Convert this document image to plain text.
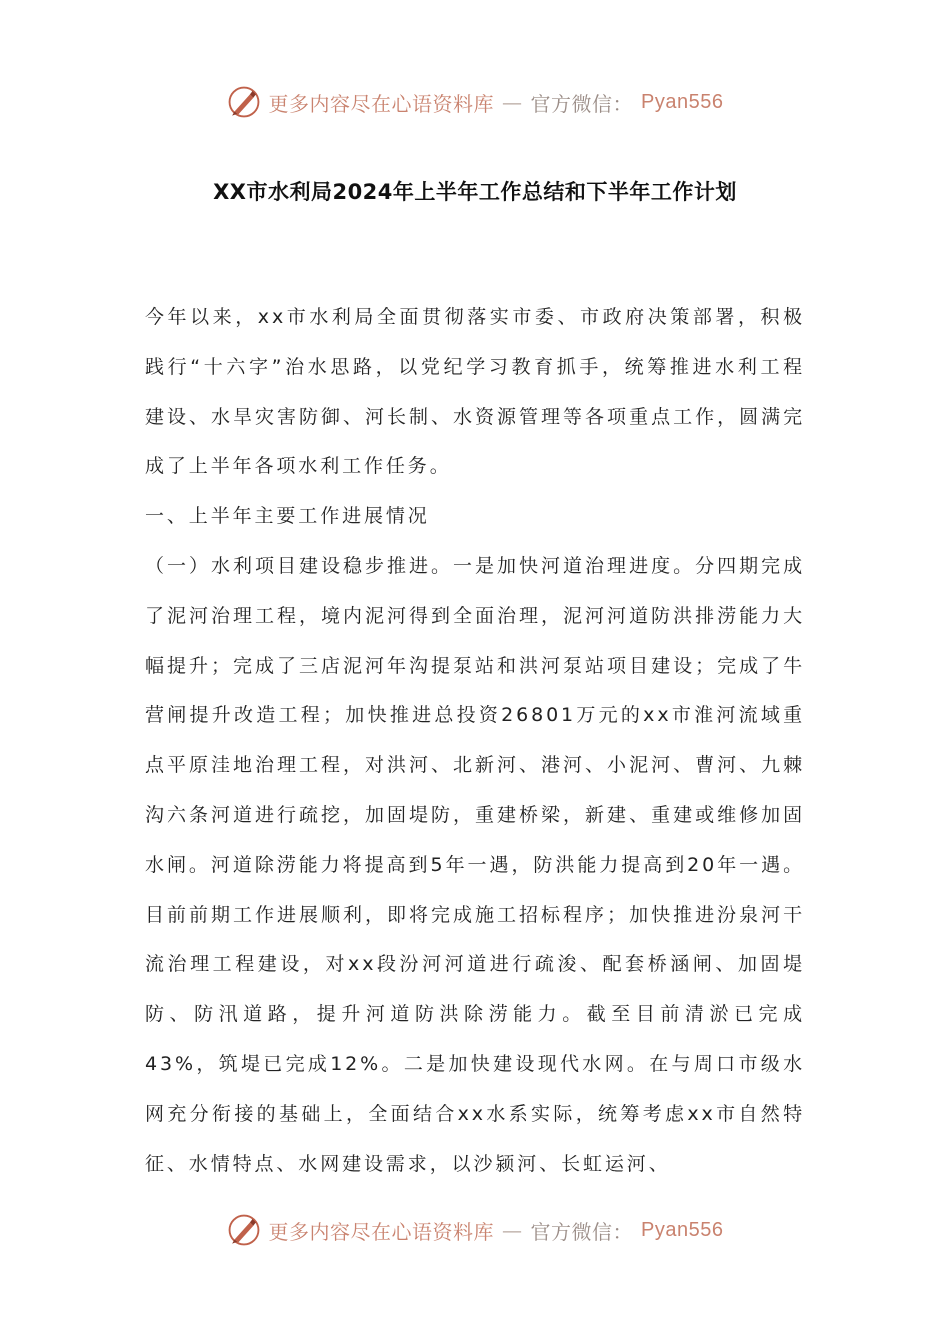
更多内容尽在心语资料库 — 官方微信： Pyan556
XX市水利局2024年上半年工作总结和下半年工作计划

今年以来，xx市水利局全面贯彻落实市委、市政府决策部署，积极践行“十六字”治水思路，以党纪学习教育抓手，统筹推进水利工程建设、水旱灾害防御、河长制、水资源管理等各项重点工作，圆满完成了上半年各项水利工作任务。

一、上半年主要工作进展情况

（一）水利项目建设稳步推进。一是加快河道治理进度。分四期完成了泥河治理工程，境内泥河得到全面治理，泥河河道防洪排涝能力大幅提升；完成了三店泥河年沟提泵站和洪河泵站项目建设；完成了牛营闸提升改造工程；加快推进总投资26801万元的xx市淮河流域重点平原洼地治理工程，对洪河、北新河、港河、小泥河、曹河、九棘沟六条河道进行疏挖，加固堤防，重建桥梁，新建、重建或维修加固水闸。河道除涝能力将提高到5年一遇，防洪能力提高到20年一遇。目前前期工作进展顺利，即将完成施工招标程序；加快推进汾泉河干流治理工程建设，对xx段汾河河道进行疏浚、配套桥涵闸、加固堤防、防汛道路，提升河道防洪除涝能力。截至目前清淤已完成43%，筑堤已完成12%。二是加快建设现代水网。在与周口市级水网充分衔接的基础上，全面结合xx水系实际，统筹考虑xx市自然特征、水情特点、水网建设需求，以沙颍河、长虹运河、

更多内容尽在心语资料库 — 官方微信： Pyan556
